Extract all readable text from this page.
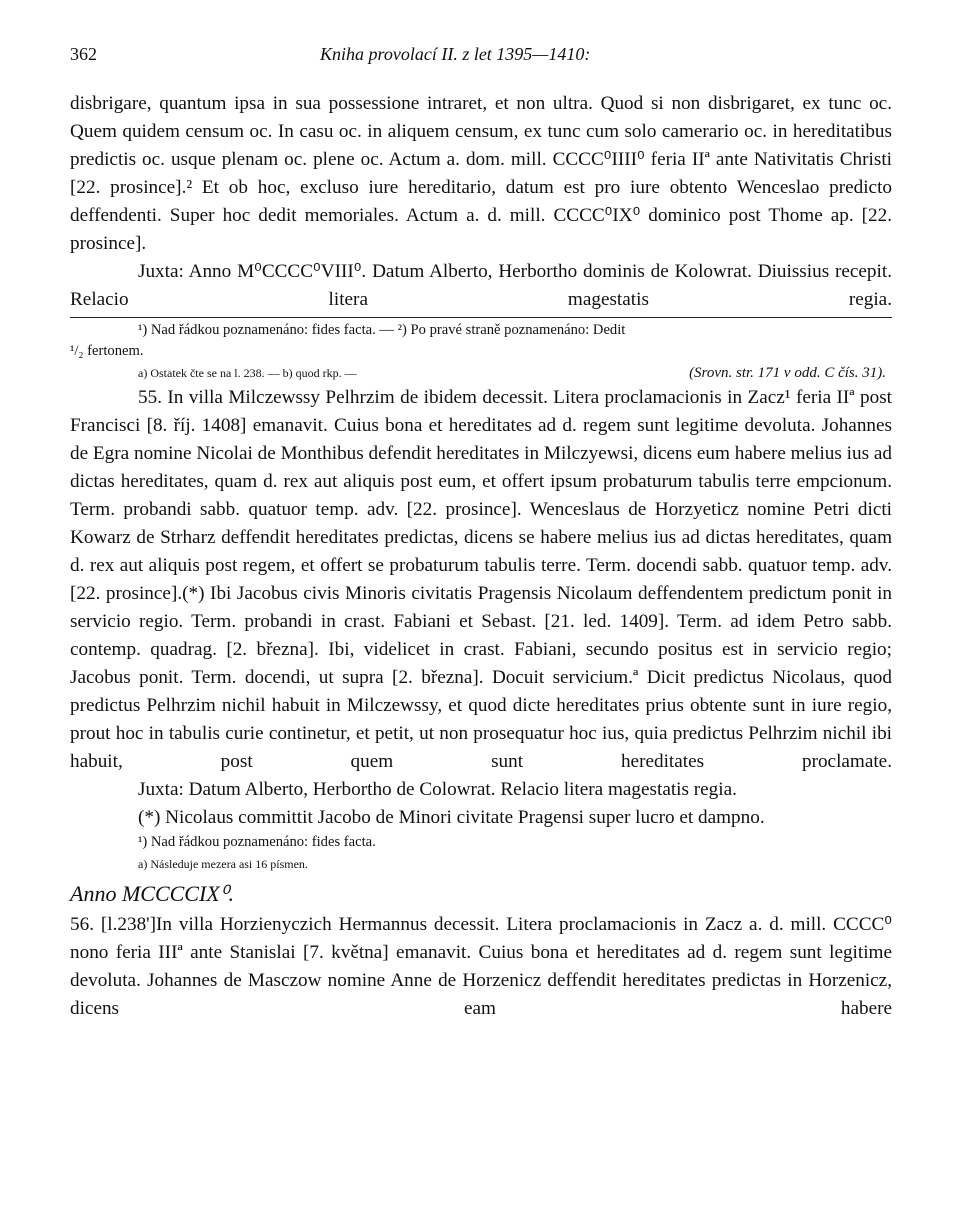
362	Kniha provolací II. z let 1395—1410:

disbrigare, quantum ipsa in sua possessione intraret, et non ultra. Quod si non disbrigaret, ex tunc oc. Quem quidem censum oc. In casu oc. in aliquem censum, ex tunc cum solo camerario oc. in hereditatibus predictis oc. usque plenam oc. plene oc. Actum a. dom. mill. CCCC⁰IIII⁰ feria IIª ante Nativitatis Christi [22. prosince].² Et ob hoc, excluso iure hereditario, datum est pro iure obtento Wenceslao predicto deffendenti. Super hoc dedit memoriales. Actum a. d. mill. CCCC⁰IX⁰ dominico post Thome ap. [22. prosince].

Juxta: Anno M⁰CCCC⁰VIII⁰. Datum Alberto, Herbortho dominis de Kolowrat. Diuissius recepit. Relacio litera magestatis regia.

¹) Nad řádkou poznamenáno: fides facta. — ²) Po pravé straně poznamenáno: Dedit
¹/₂ fertonem.
a) Ostatek čte se na l. 238. — b) quod rkp. —	(Srovn. str. 171 v odd. C čís. 31).

55. In villa Milczewssy Pelhrzim de ibidem decessit. Litera proclamacionis in Zacz¹ feria IIª post Francisci [8. říj. 1408] emanavit. Cuius bona et hereditates ad d. regem sunt legitime devoluta. Johannes de Egra nomine Nicolai de Monthibus defendit hereditates in Milczyewsi, dicens eum habere melius ius ad dictas hereditates, quam d. rex aut aliquis post eum, et offert ipsum probaturum tabulis terre empcionum. Term. probandi sabb. quatuor temp. adv. [22. prosince]. Wenceslaus de Horzyeticz nomine Petri dicti Kowarz de Strharz deffendit hereditates predictas, dicens se habere melius ius ad dictas hereditates, quam d. rex aut aliquis post regem, et offert se probaturum tabulis terre. Term. docendi sabb. quatuor temp. adv. [22. prosince].(*) Ibi Jacobus civis Minoris civitatis Pragensis Nicolaum deffendentem predictum ponit in servicio regio. Term. probandi in crast. Fabiani et Sebast. [21. led. 1409]. Term. ad idem Petro sabb. contemp. quadrag. [2. března]. Ibi, videlicet in crast. Fabiani, secundo positus est in servicio regio; Jacobus ponit. Term. docendi, ut supra [2. března]. Docuit servicium.ª Dicit predictus Nicolaus, quod predictus Pelhrzim nichil habuit in Milczewssy, et quod dicte hereditates prius obtente sunt in iure regio, prout hoc in tabulis curie continetur, et petit, ut non prosequatur hoc ius, quia predictus Pelhrzim nichil ibi habuit, post quem sunt hereditates proclamate.

Juxta: Datum Alberto, Herbortho de Colowrat. Relacio litera magestatis regia.

(*) Nicolaus committit Jacobo de Minori civitate Pragensi super lucro et dampno.

¹) Nad řádkou poznamenáno: fides facta.
a) Následuje mezera asi 16 písmen.
Anno MCCCCIX⁰.

56. [l.238']In villa Horzienyczich Hermannus decessit. Litera proclamacionis in Zacz a. d. mill. CCCC⁰ nono feria IIIª ante Stanislai [7. května] emanavit. Cuius bona et hereditates ad d. regem sunt legitime devoluta. Johannes de Masczow nomine Anne de Horzenicz deffendit hereditates predictas in Horzenicz, dicens eam habere
